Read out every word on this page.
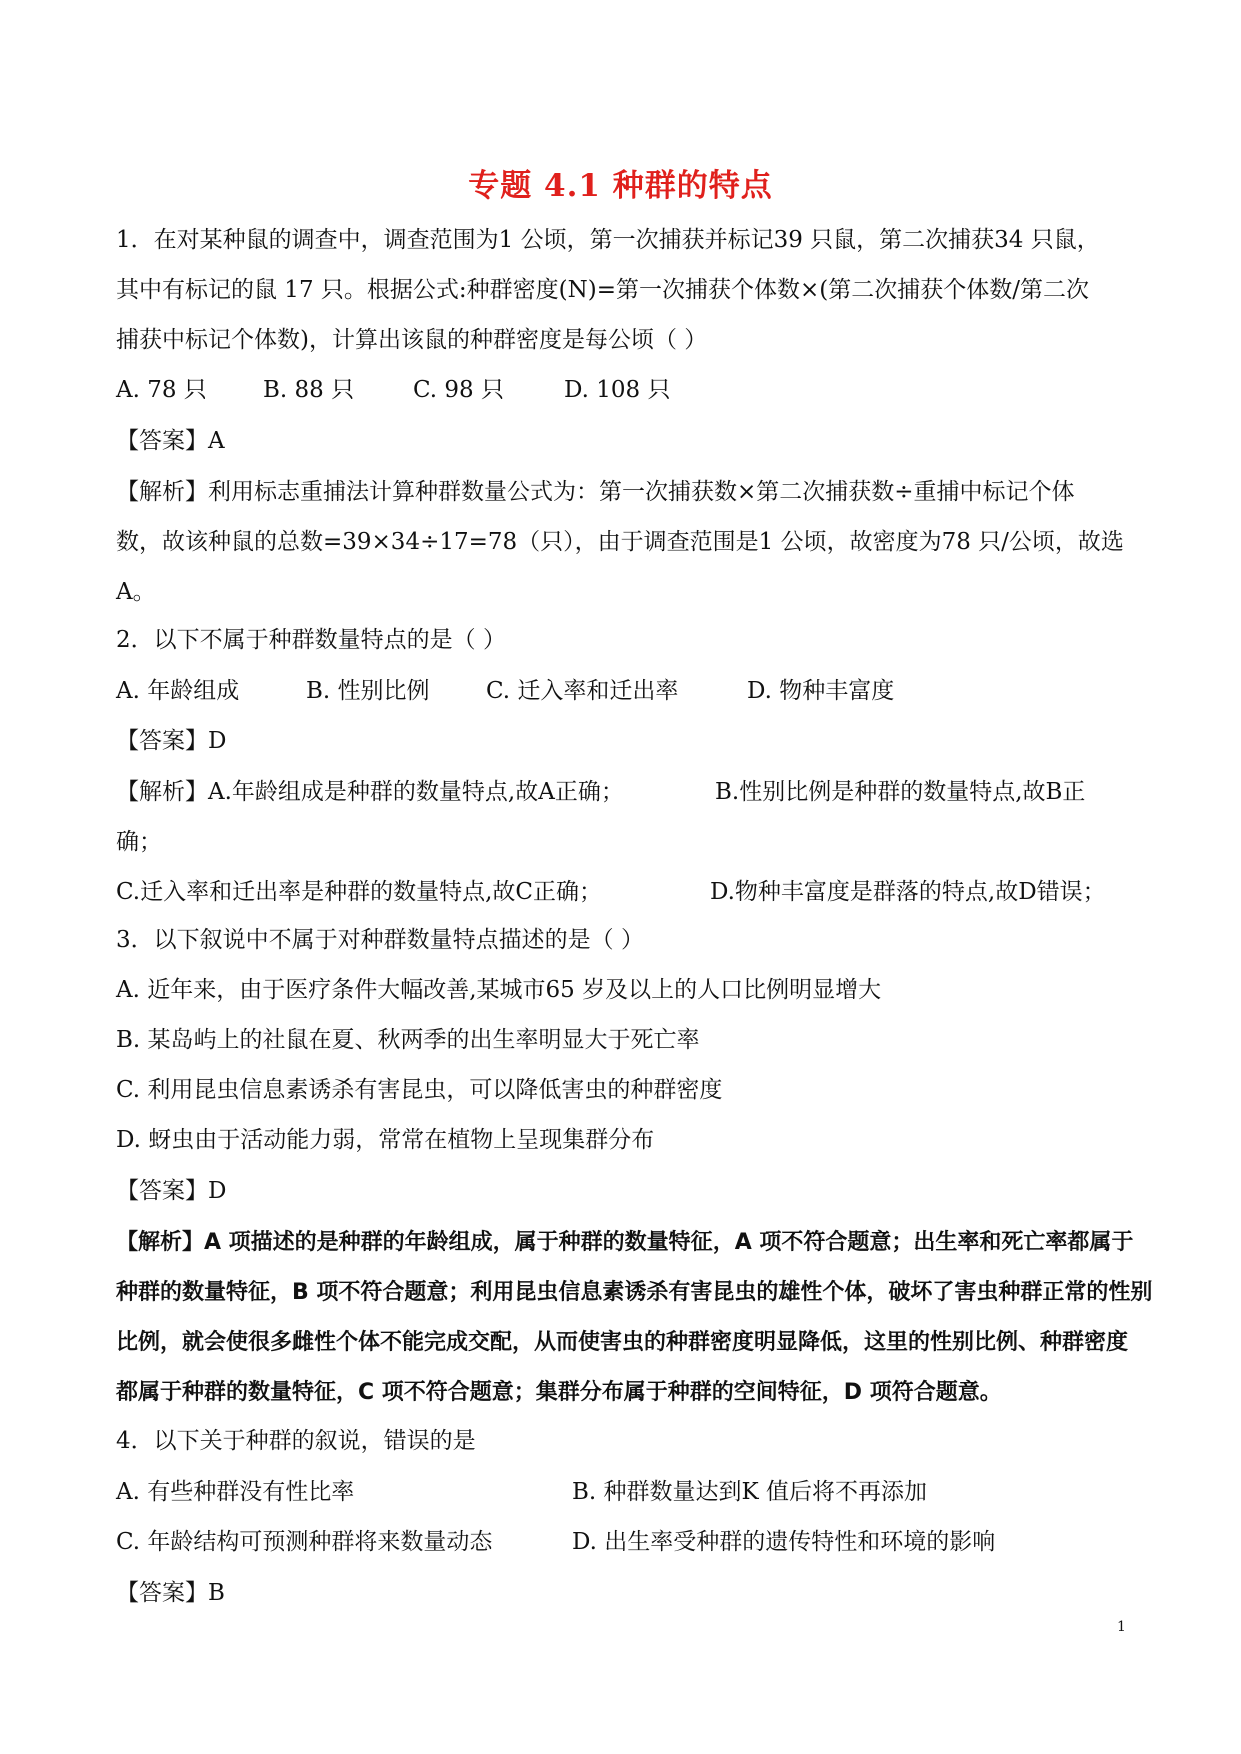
专题 4.1 种群的特点
1．在对某种鼠的调查中，调查范围为1 公顷，第一次捕获并标记39 只鼠，第二次捕获34 只鼠，
其中有标记的鼠 17 只。根据公式:种群密度(N)=第一次捕获个体数×(第二次捕获个体数/第二次
捕获中标记个体数)，计算出该鼠的种群密度是每公顷（ ）
A. 78 只 B. 88 只	C. 98 只	D. 108 只
【答案】A
【解析】利用标志重捕法计算种群数量公式为：第一次捕获数×第二次捕获数÷重捕中标记个体
数，故该种鼠的总数=39×34÷17=78（只），由于调查范围是1 公顷，故密度为78 只/公顷，故选
A。
2．以下不属于种群数量特点的是（ ）
A. 年龄组成	B. 性别比例 C. 迁入率和迁出率	D. 物种丰富度
【答案】D
【解析】A.年龄组成是种群的数量特点,故A正确；	B.性别比例是种群的数量特点,故B正
确；
C.迁入率和迁出率是种群的数量特点,故C正确；	D.物种丰富度是群落的特点,故D错误；
3．以下叙说中不属于对种群数量特点描述的是（ ）
A. 近年来，由于医疗条件大幅改善,某城市65 岁及以上的人口比例明显增大
B. 某岛屿上的社鼠在夏、秋两季的出生率明显大于死亡率
C. 利用昆虫信息素诱杀有害昆虫，可以降低害虫的种群密度
D. 蚜虫由于活动能力弱，常常在植物上呈现集群分布
【答案】D
【解析】A 项描述的是种群的年龄组成，属于种群的数量特征，A 项不符合题意；出生率和死亡率都属于
种群的数量特征，B 项不符合题意；利用昆虫信息素诱杀有害昆虫的雄性个体，破坏了害虫种群正常的性别
比例，就会使很多雌性个体不能完成交配，从而使害虫的种群密度明显降低，这里的性别比例、种群密度
都属于种群的数量特征，C 项不符合题意；集群分布属于种群的空间特征，D 项符合题意。
4．以下关于种群的叙说，错误的是
A. 有些种群没有性比率	B. 种群数量达到K 值后将不再添加
C. 年龄结构可预测种群将来数量动态	D. 出生率受种群的遗传特性和环境的影响
【答案】B
1
